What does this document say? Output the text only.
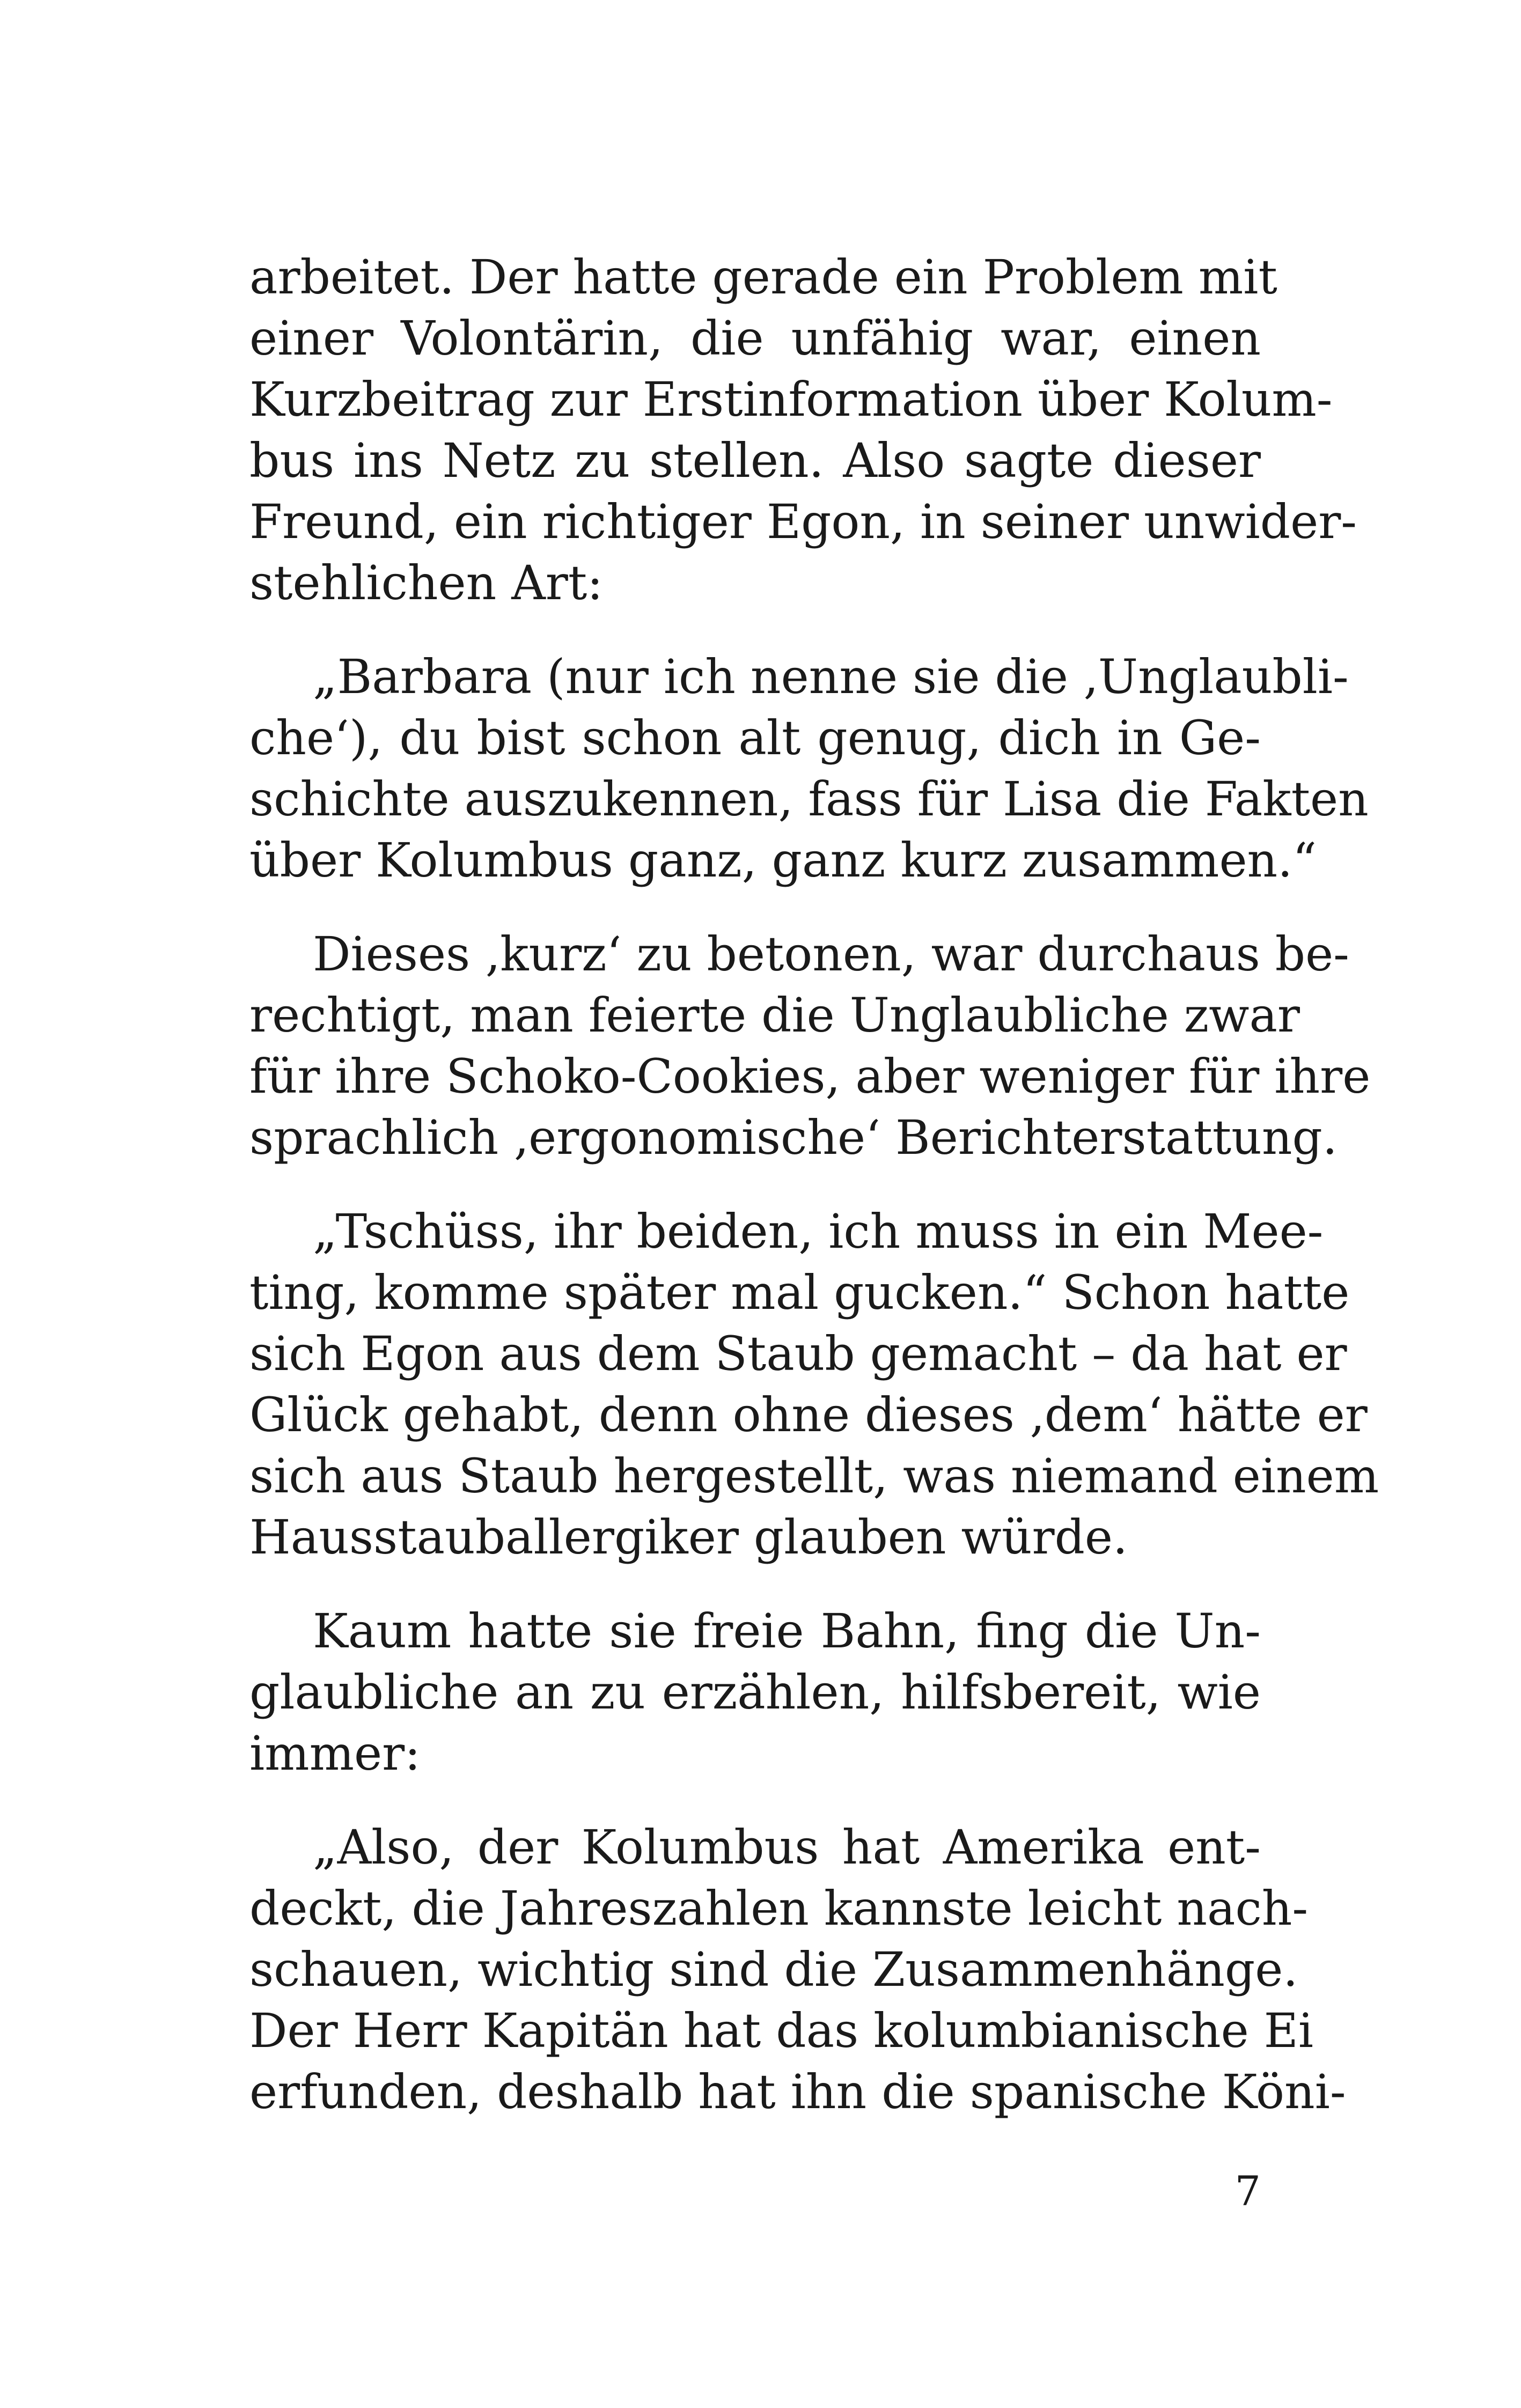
arbeitet. Der hatte gerade ein Problem mit
einer Volontärin, die unfähig war, einen
Kurzbeitrag zur Erstinformation über Kolum-
bus ins Netz zu stellen. Also sagte dieser
Freund, ein richtiger Egon, in seiner unwider-
stehlichen Art:

„Barbara (nur ich nenne sie die ‚Unglaubli-
che‘), du bist schon alt genug, dich in Ge-
schichte auszukennen, fass für Lisa die Fakten
über Kolumbus ganz, ganz kurz zusammen.“

Dieses ‚kurz‘ zu betonen, war durchaus be-
rechtigt, man feierte die Unglaubliche zwar
für ihre Schoko-Cookies, aber weniger für ihre
sprachlich ‚ergonomische‘ Berichterstattung.

„Tschüss, ihr beiden, ich muss in ein Mee-
ting, komme später mal gucken.“ Schon hatte
sich Egon aus dem Staub gemacht – da hat er
Glück gehabt, denn ohne dieses ‚dem‘ hätte er
sich aus Staub hergestellt, was niemand einem
Hausstauballergiker glauben würde.

Kaum hatte sie freie Bahn, fing die Un-
glaubliche an zu erzählen, hilfsbereit, wie
immer:

„Also, der Kolumbus hat Amerika ent-
deckt, die Jahreszahlen kannste leicht nach-
schauen, wichtig sind die Zusammenhänge.
Der Herr Kapitän hat das kolumbianische Ei
erfunden, deshalb hat ihn die spanische Köni-

7
